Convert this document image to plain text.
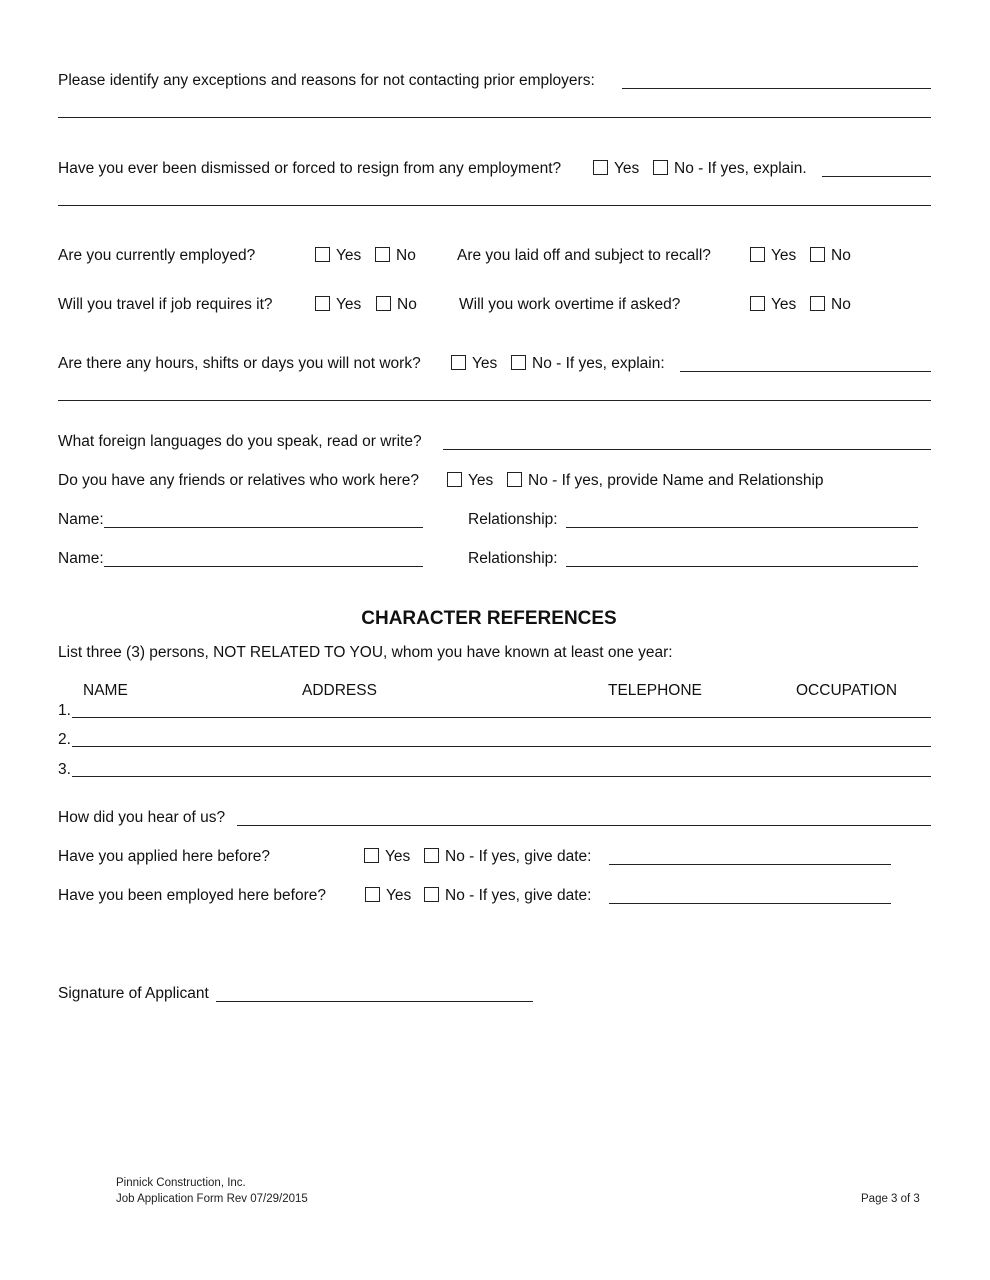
Please identify any exceptions and reasons for not contacting prior employers:
Have you ever been dismissed or forced to resign from any employment?	Yes	No - If yes, explain.
Are you currently employed?	Yes	No	Are you laid off and subject to recall?	Yes	No
Will you travel if job requires it?	Yes	No	Will you work overtime if asked?	Yes	No
Are there any hours, shifts or days you will not work?	Yes	No - If yes, explain:
What foreign languages do you speak, read or write?
Do you have any friends or relatives who work here?	Yes	No - If yes, provide Name and Relationship
Name:	Relationship:
Name:	Relationship:
CHARACTER REFERENCES
List three (3) persons, NOT RELATED TO YOU, whom you have known at least one year:
NAME	ADDRESS	TELEPHONE	OCCUPATION
1.
2.
3.
How did you hear of us?
Have you applied here before?	Yes	No - If yes, give date:
Have you been employed here before?	Yes	No - If yes, give date:
Signature of Applicant
Pinnick Construction, Inc.
Job Application Form Rev 07/29/2015	Page 3 of 3
